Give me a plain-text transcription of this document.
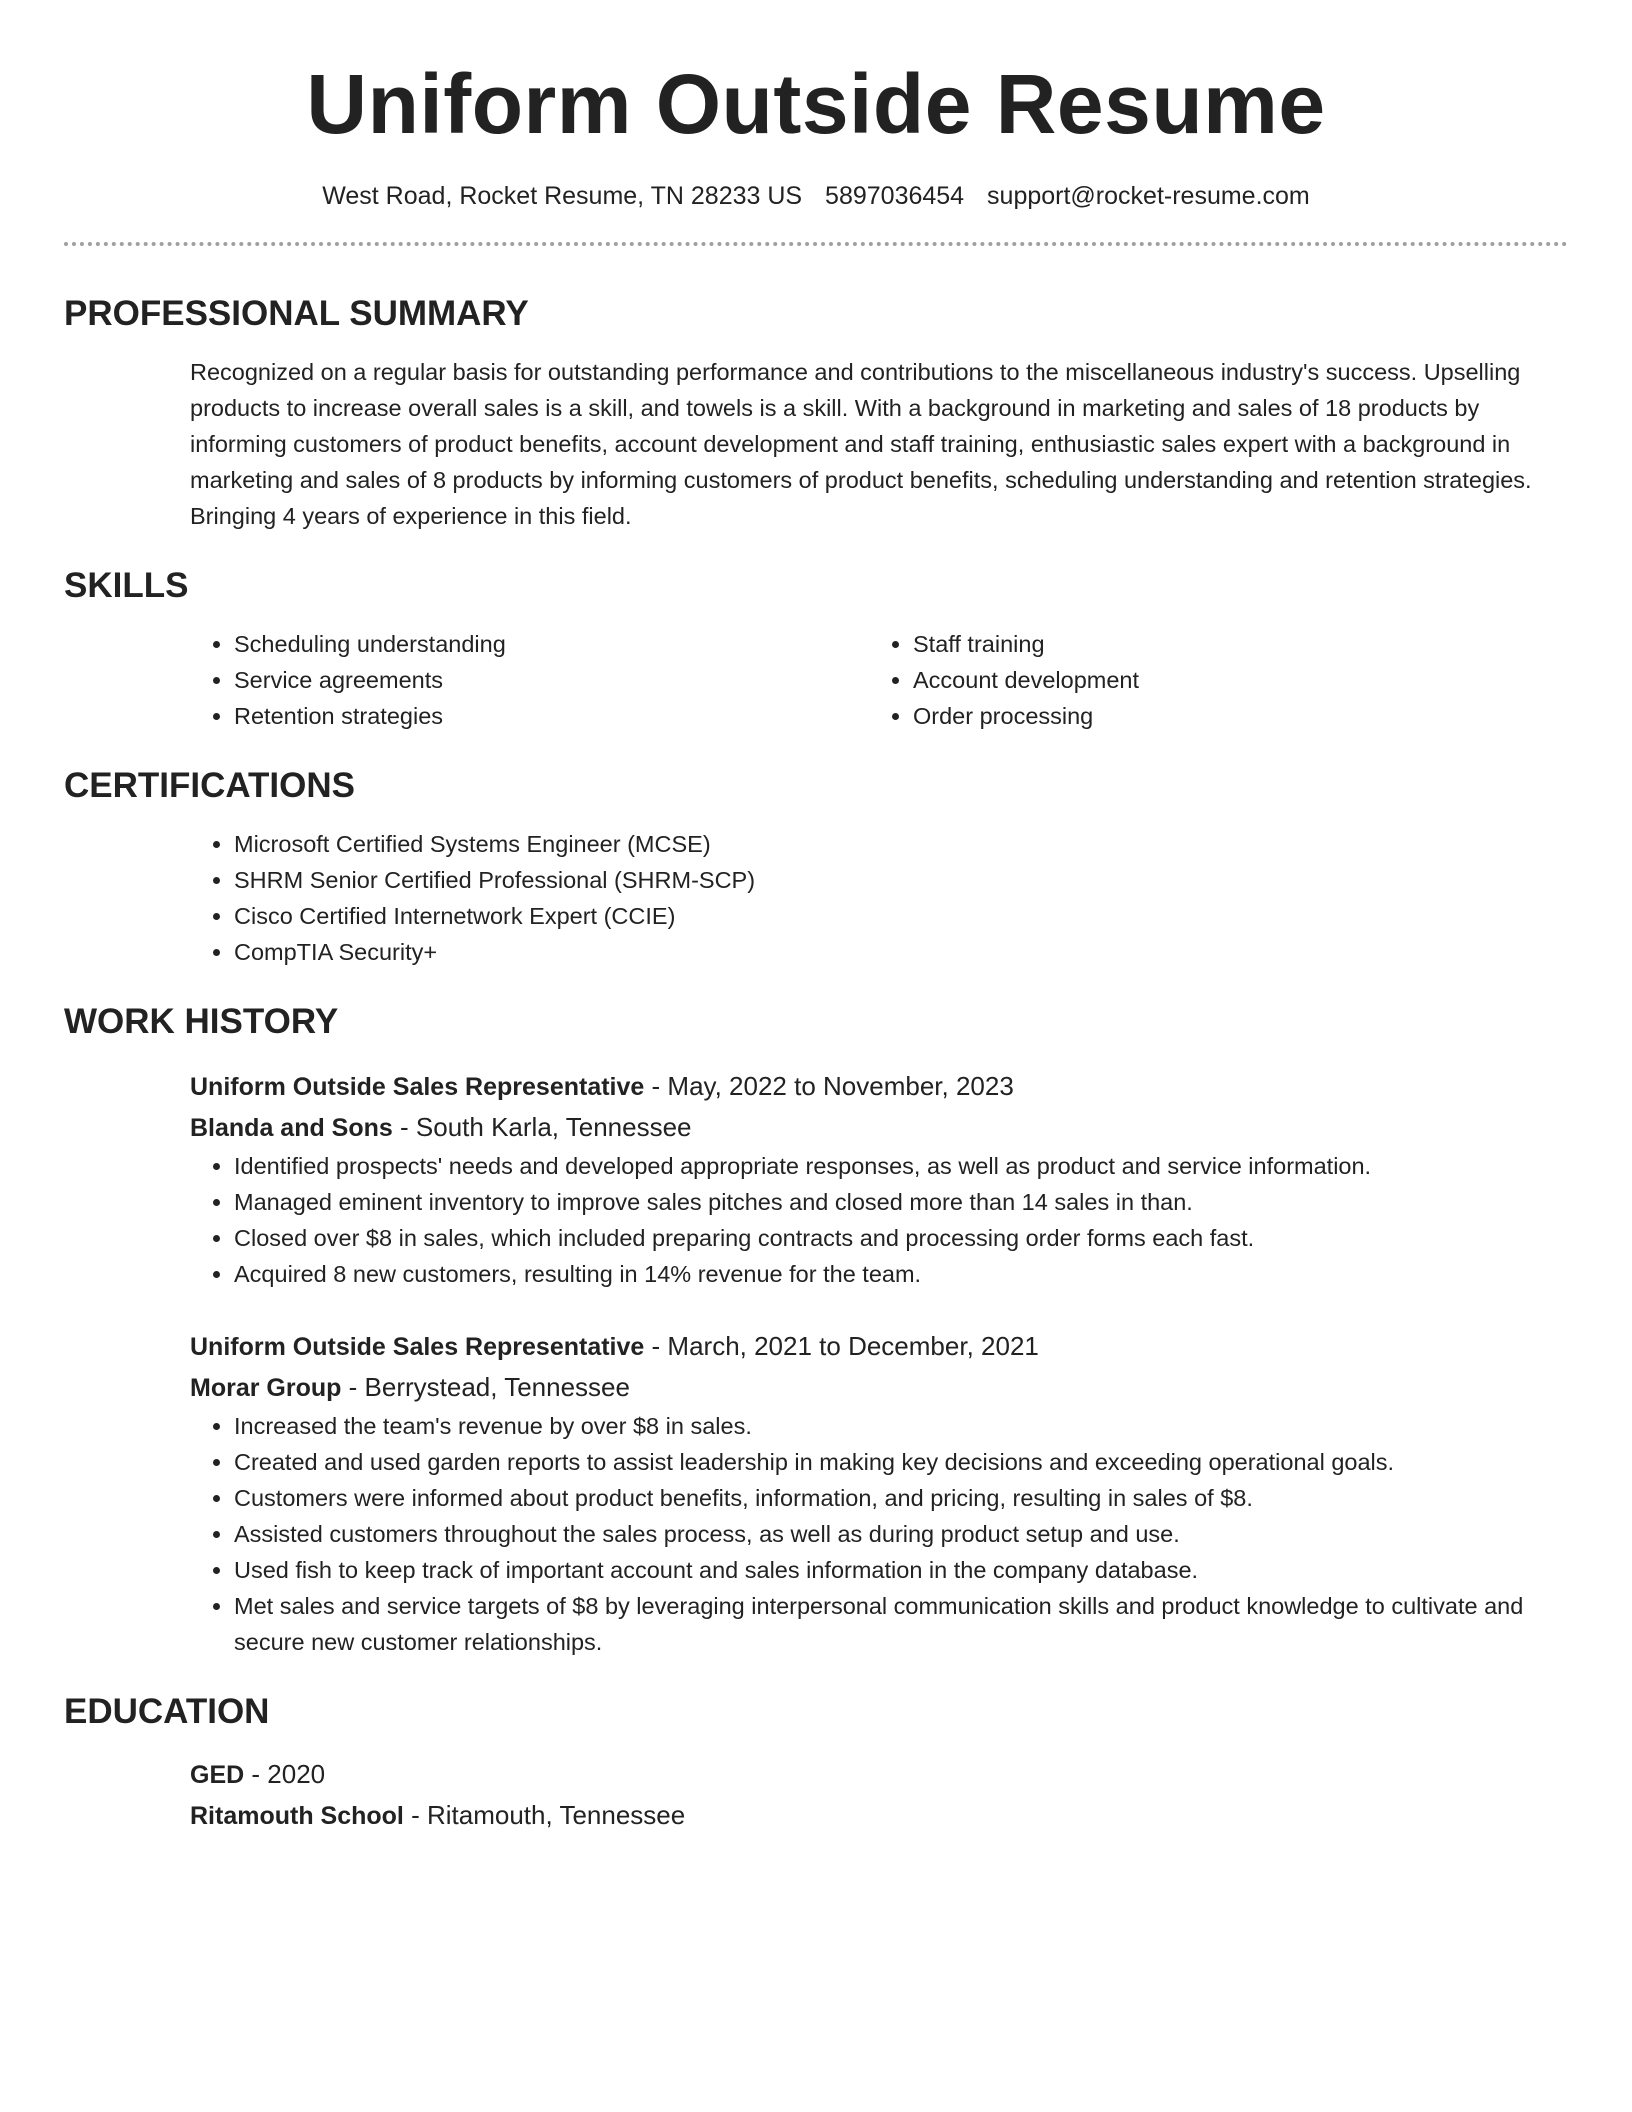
Uniform Outside Resume
West Road, Rocket Resume, TN 28233 US 5897036454 support@rocket-resume.com
PROFESSIONAL SUMMARY
Recognized on a regular basis for outstanding performance and contributions to the miscellaneous industry's success. Upselling products to increase overall sales is a skill, and towels is a skill. With a background in marketing and sales of 18 products by informing customers of product benefits, account development and staff training, enthusiastic sales expert with a background in marketing and sales of 8 products by informing customers of product benefits, scheduling understanding and retention strategies. Bringing 4 years of experience in this field.
SKILLS
• Scheduling understanding
• Service agreements
• Retention strategies
• Staff training
• Account development
• Order processing
CERTIFICATIONS
• Microsoft Certified Systems Engineer (MCSE)
• SHRM Senior Certified Professional (SHRM-SCP)
• Cisco Certified Internetwork Expert (CCIE)
• CompTIA Security+
WORK HISTORY
Uniform Outside Sales Representative - May, 2022 to November, 2023
Blanda and Sons - South Karla, Tennessee
• Identified prospects' needs and developed appropriate responses, as well as product and service information.
• Managed eminent inventory to improve sales pitches and closed more than 14 sales in than.
• Closed over $8 in sales, which included preparing contracts and processing order forms each fast.
• Acquired 8 new customers, resulting in 14% revenue for the team.
Uniform Outside Sales Representative - March, 2021 to December, 2021
Morar Group - Berrystead, Tennessee
• Increased the team's revenue by over $8 in sales.
• Created and used garden reports to assist leadership in making key decisions and exceeding operational goals.
• Customers were informed about product benefits, information, and pricing, resulting in sales of $8.
• Assisted customers throughout the sales process, as well as during product setup and use.
• Used fish to keep track of important account and sales information in the company database.
• Met sales and service targets of $8 by leveraging interpersonal communication skills and product knowledge to cultivate and secure new customer relationships.
EDUCATION
GED - 2020
Ritamouth School - Ritamouth, Tennessee
